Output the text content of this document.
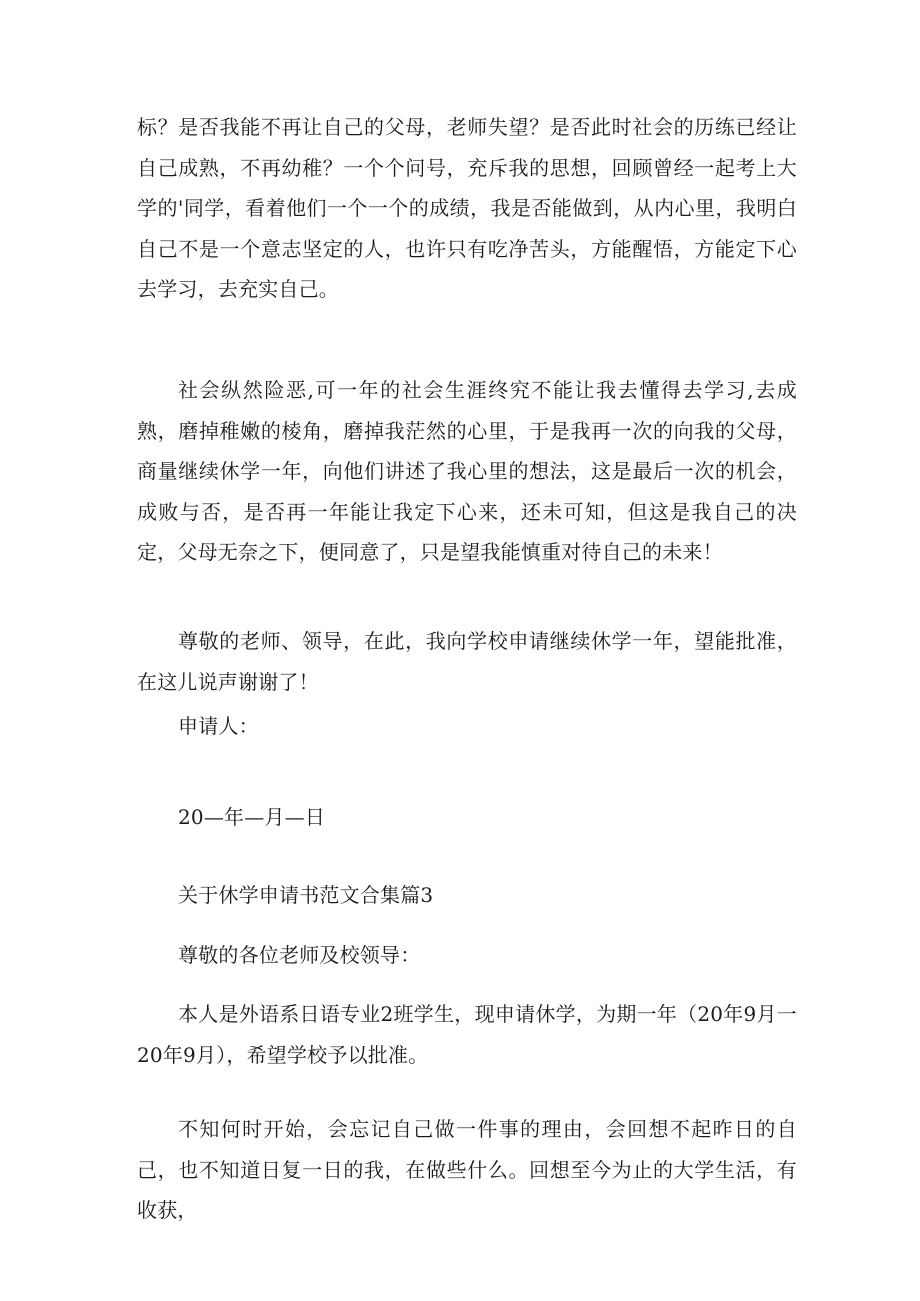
标？是否我能不再让自己的父母，老师失望？是否此时社会的历练已经让自己成熟，不再幼稚？一个个问号，充斥我的思想，回顾曾经一起考上大学的'同学，看着他们一个一个的成绩，我是否能做到，从内心里，我明白自己不是一个意志坚定的人，也许只有吃净苦头，方能醒悟，方能定下心去学习，去充实自己。

社会纵然险恶,可一年的社会生涯终究不能让我去懂得去学习,去成熟，磨掉稚嫩的棱角，磨掉我茫然的心里，于是我再一次的向我的父母，商量继续休学一年，向他们讲述了我心里的想法，这是最后一次的机会，成败与否，是否再一年能让我定下心来，还未可知，但这是我自己的决定，父母无奈之下，便同意了，只是望我能慎重对待自己的未来！

尊敬的老师、领导，在此，我向学校申请继续休学一年，望能批准，在这儿说声谢谢了！

申请人：

20—年—月—日

关于休学申请书范文合集篇3

尊敬的各位老师及校领导：

本人是外语系日语专业2班学生，现申请休学，为期一年（20年9月一20年9月），希望学校予以批准。

不知何时开始，会忘记自己做一件事的理由，会回想不起昨日的自己，也不知道日复一日的我，在做些什么。回想至今为止的大学生活，有收获，
